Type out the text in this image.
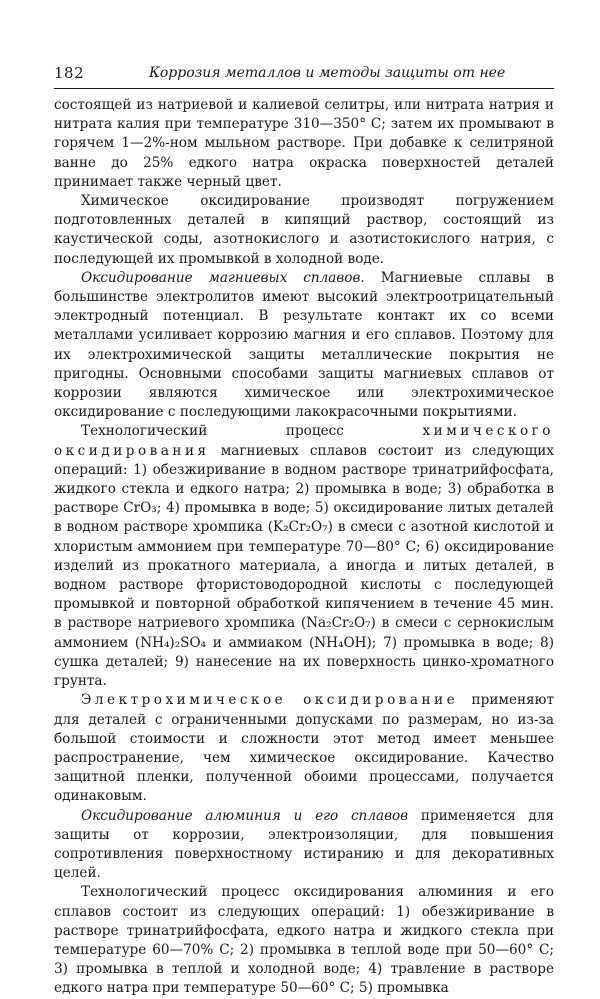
182	Коррозия металлов и методы защиты от нее

состоящей из натриевой и калиевой селитры, или нитрата натрия и нитрата калия при температуре 310—350° С; затем их промывают в горячем 1—2%-ном мыльном растворе. При добавке к селитряной ванне до 25% едкого натра окраска поверхностей деталей принимает также черный цвет.

Химическое оксидирование производят погружением подготовленных деталей в кипящий раствор, состоящий из каустической соды, азотнокислого и азотистокислого натрия, с последующей их промывкой в холодной воде.

Оксидирование магниевых сплавов. Магниевые сплавы в большинстве электролитов имеют высокий электроотрицательный электродный потенциал. В результате контакт их со всеми металлами усиливает коррозию магния и его сплавов. Поэтому для их электрохимической защиты металлические покрытия не пригодны. Основными способами защиты магниевых сплавов от коррозии являются химическое или электрохимическое оксидирование с последующими лакокрасочными покрытиями.

Технологический процесс химического оксидирования магниевых сплавов состоит из следующих операций: 1) обезжиривание в водном растворе тринатрийфосфата, жидкого стекла и едкого натра; 2) промывка в воде; 3) обработка в растворе CrO₃; 4) промывка в воде; 5) оксидирование литых деталей в водном растворе хромпика (K₂Cr₂O₇) в смеси с азотной кислотой и хлористым аммонием при температуре 70—80° С; 6) оксидирование изделий из прокатного материала, а иногда и литых деталей, в водном растворе фтористоводородной кислоты с последующей промывкой и повторной обработкой кипячением в течение 45 мин. в растворе натриевого хромпика (Na₂Cr₂O₇) в смеси с сернокислым аммонием (NH₄)₂SO₄ и аммиаком (NH₄OH); 7) промывка в воде; 8) сушка деталей; 9) нанесение на их поверхность цинко-хроматного грунта.

Электрохимическое оксидирование применяют для деталей с ограниченными допусками по размерам, но из-за большой стоимости и сложности этот метод имеет меньшее распространение, чем химическое оксидирование. Качество защитной пленки, полученной обоими процессами, получается одинаковым.

Оксидирование алюминия и его сплавов применяется для защиты от коррозии, электроизоляции, для повышения сопротивления поверхностному истиранию и для декоративных целей.

Технологический процесс оксидирования алюминия и его сплавов состоит из следующих операций: 1) обезжиривание в растворе тринатрийфосфата, едкого натра и жидкого стекла при температуре 60—70% С; 2) промывка в теплой воде при 50—60° С; 3) промывка в теплой и холодной воде; 4) травление в растворе едкого натра при температуре 50—60° С; 5) промывка
